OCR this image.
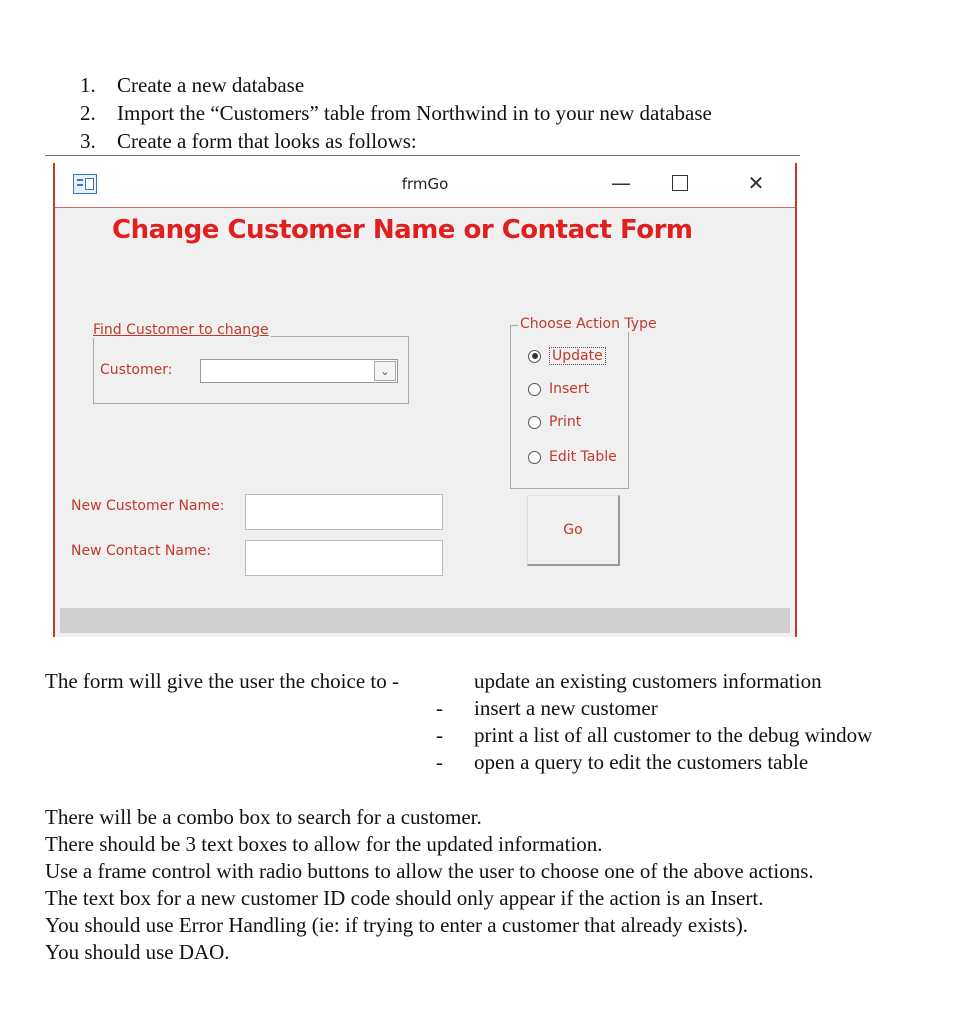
1.	Create a new database
2.	Import the “Customers” table from Northwind in to your new database
3.	Create a form that looks as follows:
frmGo	—	✕
Change Customer Name or Contact Form
Find Customer to change
Customer:	⌄
Choose Action Type
Update
Insert
Print
Edit Table
New Customer Name:
New Contact Name:
Go
The form will give the user the choice to -	update an existing customers information
-	insert a new customer
-	print a list of all customer to the debug window
-	open a query to edit the customers table
There will be a combo box to search for a customer.
There should be 3 text boxes to allow for the updated information.
Use a frame control with radio buttons to allow the user to choose one of the above actions.
The text box for a new customer ID code should only appear if the action is an Insert.
You should use Error Handling (ie: if trying to enter a customer that already exists).
You should use DAO.
